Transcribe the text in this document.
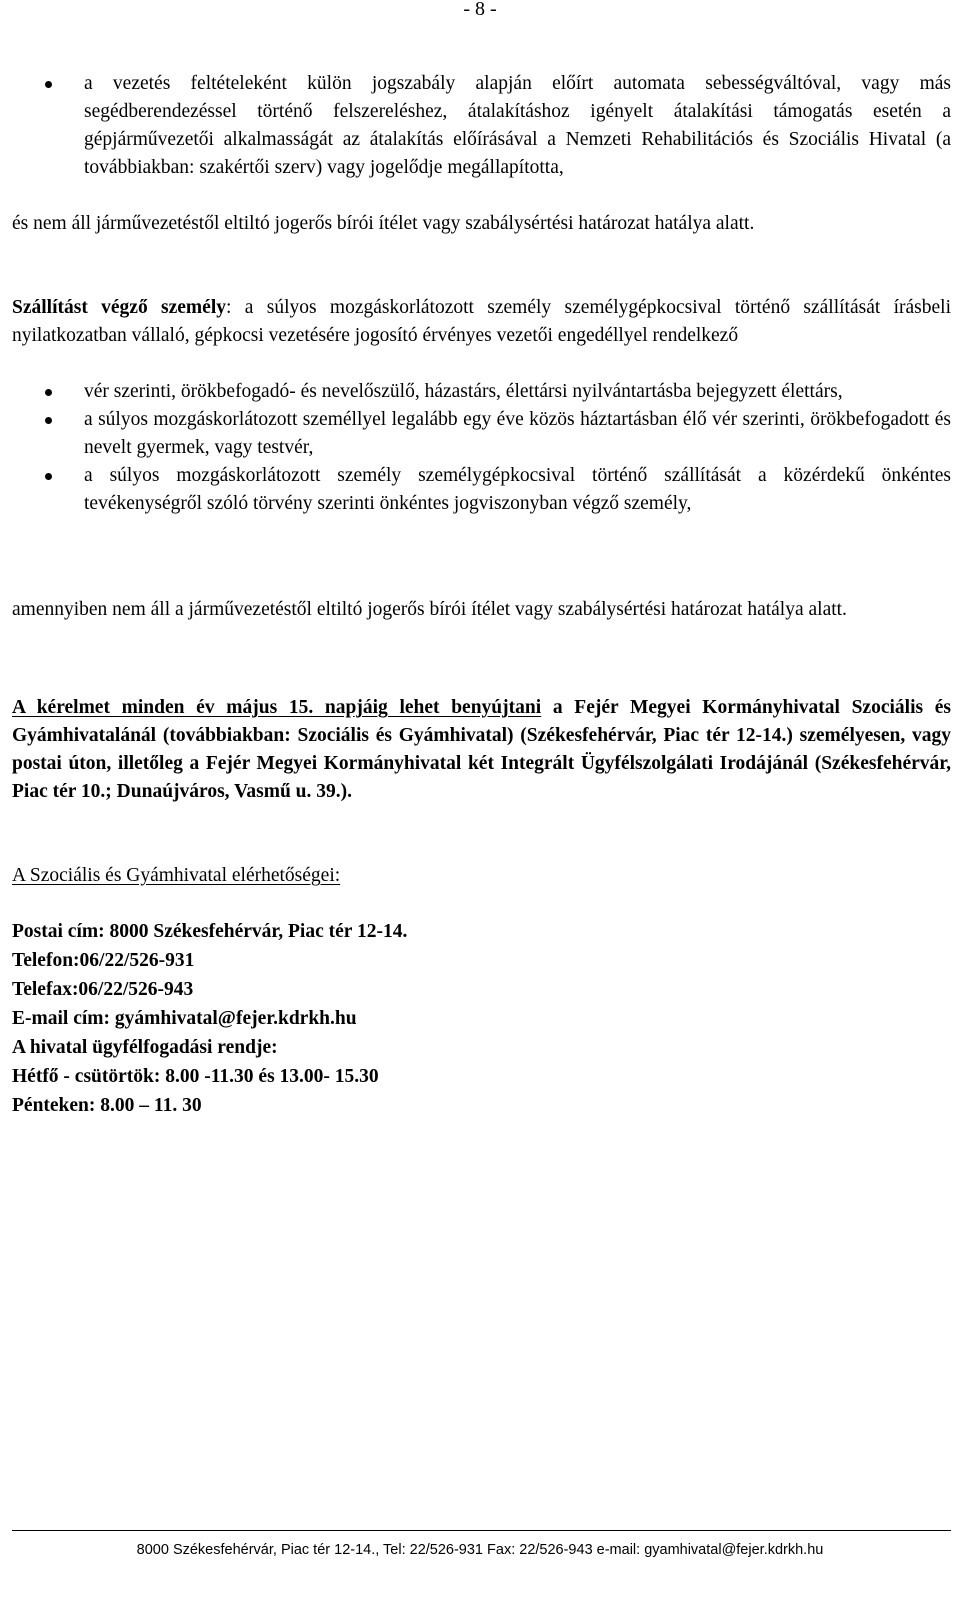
- 8 -
a vezetés feltételeként külön jogszabály alapján előírt automata sebességváltóval, vagy más segédberendezéssel történő felszereléshez, átalakításhoz igényelt átalakítási támogatás esetén a gépjárművezetői alkalmasságát az átalakítás előírásával a Nemzeti Rehabilitációs és Szociális Hivatal (a továbbiakban: szakértői szerv) vagy jogelődje megállapította,

és nem áll járművezetéstől eltiltó jogerős bírói ítélet vagy szabálysértési határozat hatálya alatt.

Szállítást végző személy: a súlyos mozgáskorlátozott személy személygépkocsival történő szállítását írásbeli nyilatkozatban vállaló, gépkocsi vezetésére jogosító érvényes vezetői engedéllyel rendelkező

vér szerinti, örökbefogadó- és nevelőszülő, házastárs, élettársi nyilvántartásba bejegyzett élettárs,
a súlyos mozgáskorlátozott személlyel legalább egy éve közös háztartásban élő vér szerinti, örökbefogadott és nevelt gyermek, vagy testvér,
a súlyos mozgáskorlátozott személy személygépkocsival történő szállítását a közérdekű önkéntes tevékenységről szóló törvény szerinti önkéntes jogviszonyban végző személy,

amennyiben nem áll a járművezetéstől eltiltó jogerős bírói ítélet vagy szabálysértési határozat hatálya alatt.

A kérelmet minden év május 15. napjáig lehet benyújtani a Fejér Megyei Kormányhivatal Szociális és Gyámhivatalánál (továbbiakban: Szociális és Gyámhivatal) (Székesfehérvár, Piac tér 12-14.) személyesen, vagy postai úton, illetőleg a Fejér Megyei Kormányhivatal két Integrált Ügyfélszolgálati Irodájánál (Székesfehérvár, Piac tér 10.; Dunaújváros, Vasmű u. 39.).

A Szociális és Gyámhivatal elérhetőségei:
Postai cím: 8000 Székesfehérvár, Piac tér 12-14.
Telefon:06/22/526-931
Telefax:06/22/526-943
E-mail cím: gyámhivatal@fejer.kdrkh.hu
A hivatal ügyfélfogadási rendje:
Hétfő - csütörtök: 8.00 -11.30 és 13.00- 15.30
Pénteken: 8.00 – 11. 30
8000 Székesfehérvár, Piac tér 12-14., Tel: 22/526-931 Fax: 22/526-943 e-mail: gyamhivatal@fejer.kdrkh.hu
